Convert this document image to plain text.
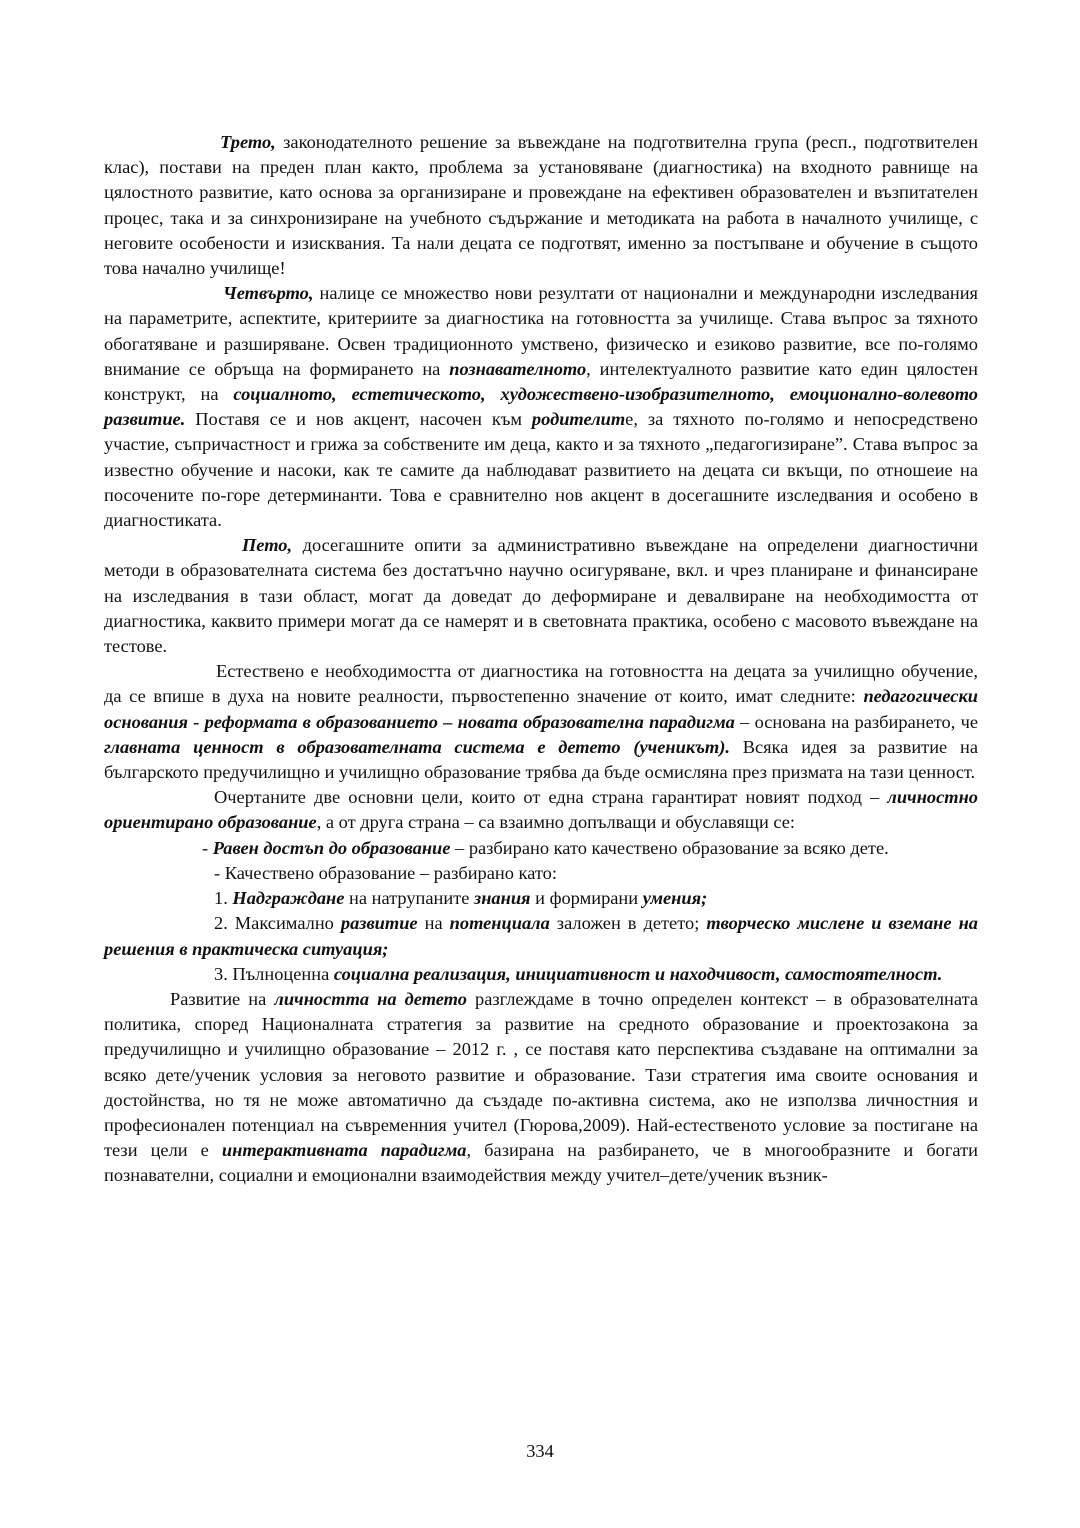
Трето, законодателното решение за въвеждане на подготвителна група (респ., подготвителен клас), постави на преден план както, проблема за установяване (диагностика) на входното равнище на цялостното развитие, като основа за организиране и провеждане на ефективен образователен и възпитателен процес, така и за синхронизиране на учебното съдържание и методиката на работа в началното училище, с неговите особености и изисквания. Та нали децата се подготвят, именно за постъпване и обучение в същото това начално училище!

Четвърто, налице се множество нови резултати от национални и международни изследвания на параметрите, аспектите, критериите за диагностика на готовността за училище. Става въпрос за тяхното обогатяване и разширяване. Освен традиционното умствено, физическо и езиково развитие, все по-голямо внимание се обръща на формирането на познавателното, интелектуалното развитие като един цялостен конструкт, на социалното, естетическото, художествено-изобразителното, емоционално-волевото развитие. Поставя се и нов акцент, насочен към родителите, за тяхното по-голямо и непосредствено участие, съпричастност и грижа за собствените им деца, както и за тяхното „педагогизиране”. Става въпрос за известно обучение и насоки, как те самите да наблюдават развитието на децата си вкъщи, по отношеие на посочените по-горе детерминанти. Това е сравнително нов акцент в досегашните изследвания и особено в диагностиката.

Пето, досегашните опити за административно въвеждане на определени диагностични методи в образователната система без достатъчно научно осигуряване, вкл. и чрез планиране и финансиране на изследвания в тази област, могат да доведат до деформиране и девалвиране на необходимостта от диагностика, каквито примери могат да се намерят и в световната практика, особено с масовото въвеждане на тестове.

Естествено е необходимостта от диагностика на готовността на децата за училищно обучение, да се впише в духа на новите реалности, първостепенно значение от които, имат следните: педагогически основания - реформата в образованието – новата образователна парадигма – основана на разбирането, че главната ценност в образователната система е детето (ученикът). Всяка идея за развитие на българското предучилищно и училищно образование трябва да бъде осмисляна през призмата на тази ценност.

Очертаните две основни цели, които от една страна гарантират новият подход – личностно ориентирано образование, а от друга страна – са взаимно допълващи и обуславящи се:

- Равен достъп до образование – разбирано като качествено образование за всяко дете.

- Качествено образование – разбирано като:

1. Надграждане на натрупаните знания и формирани умения;

2. Максимално развитие на потенциала заложен в детето; творческо мислене и вземане на решения в практическа ситуация;

3. Пълноценна социална реализация, инициативност и находчивост, самостоятелност.

Развитие на личността на детето разглеждаме в точно определен контекст – в образователната политика, според Националната стратегия за развитие на средното образование и проектозакона за предучилищно и училищно образование – 2012 г. , се поставя като перспектива създаване на оптимални за всяко дете/ученик условия за неговото развитие и образование. Тази стратегия има своите основания и достойнства, но тя не може автоматично да създаде по-активна система, ако не използва личностния и професионален потенциал на съвременния учител (Гюрова,2009). Най-естественото условие за постигане на тези цели е интерактивната парадигма, базирана на разбирането, че в многообразните и богати познавателни, социални и емоционални взаимодействия между учител–дете/ученик възник-

334
